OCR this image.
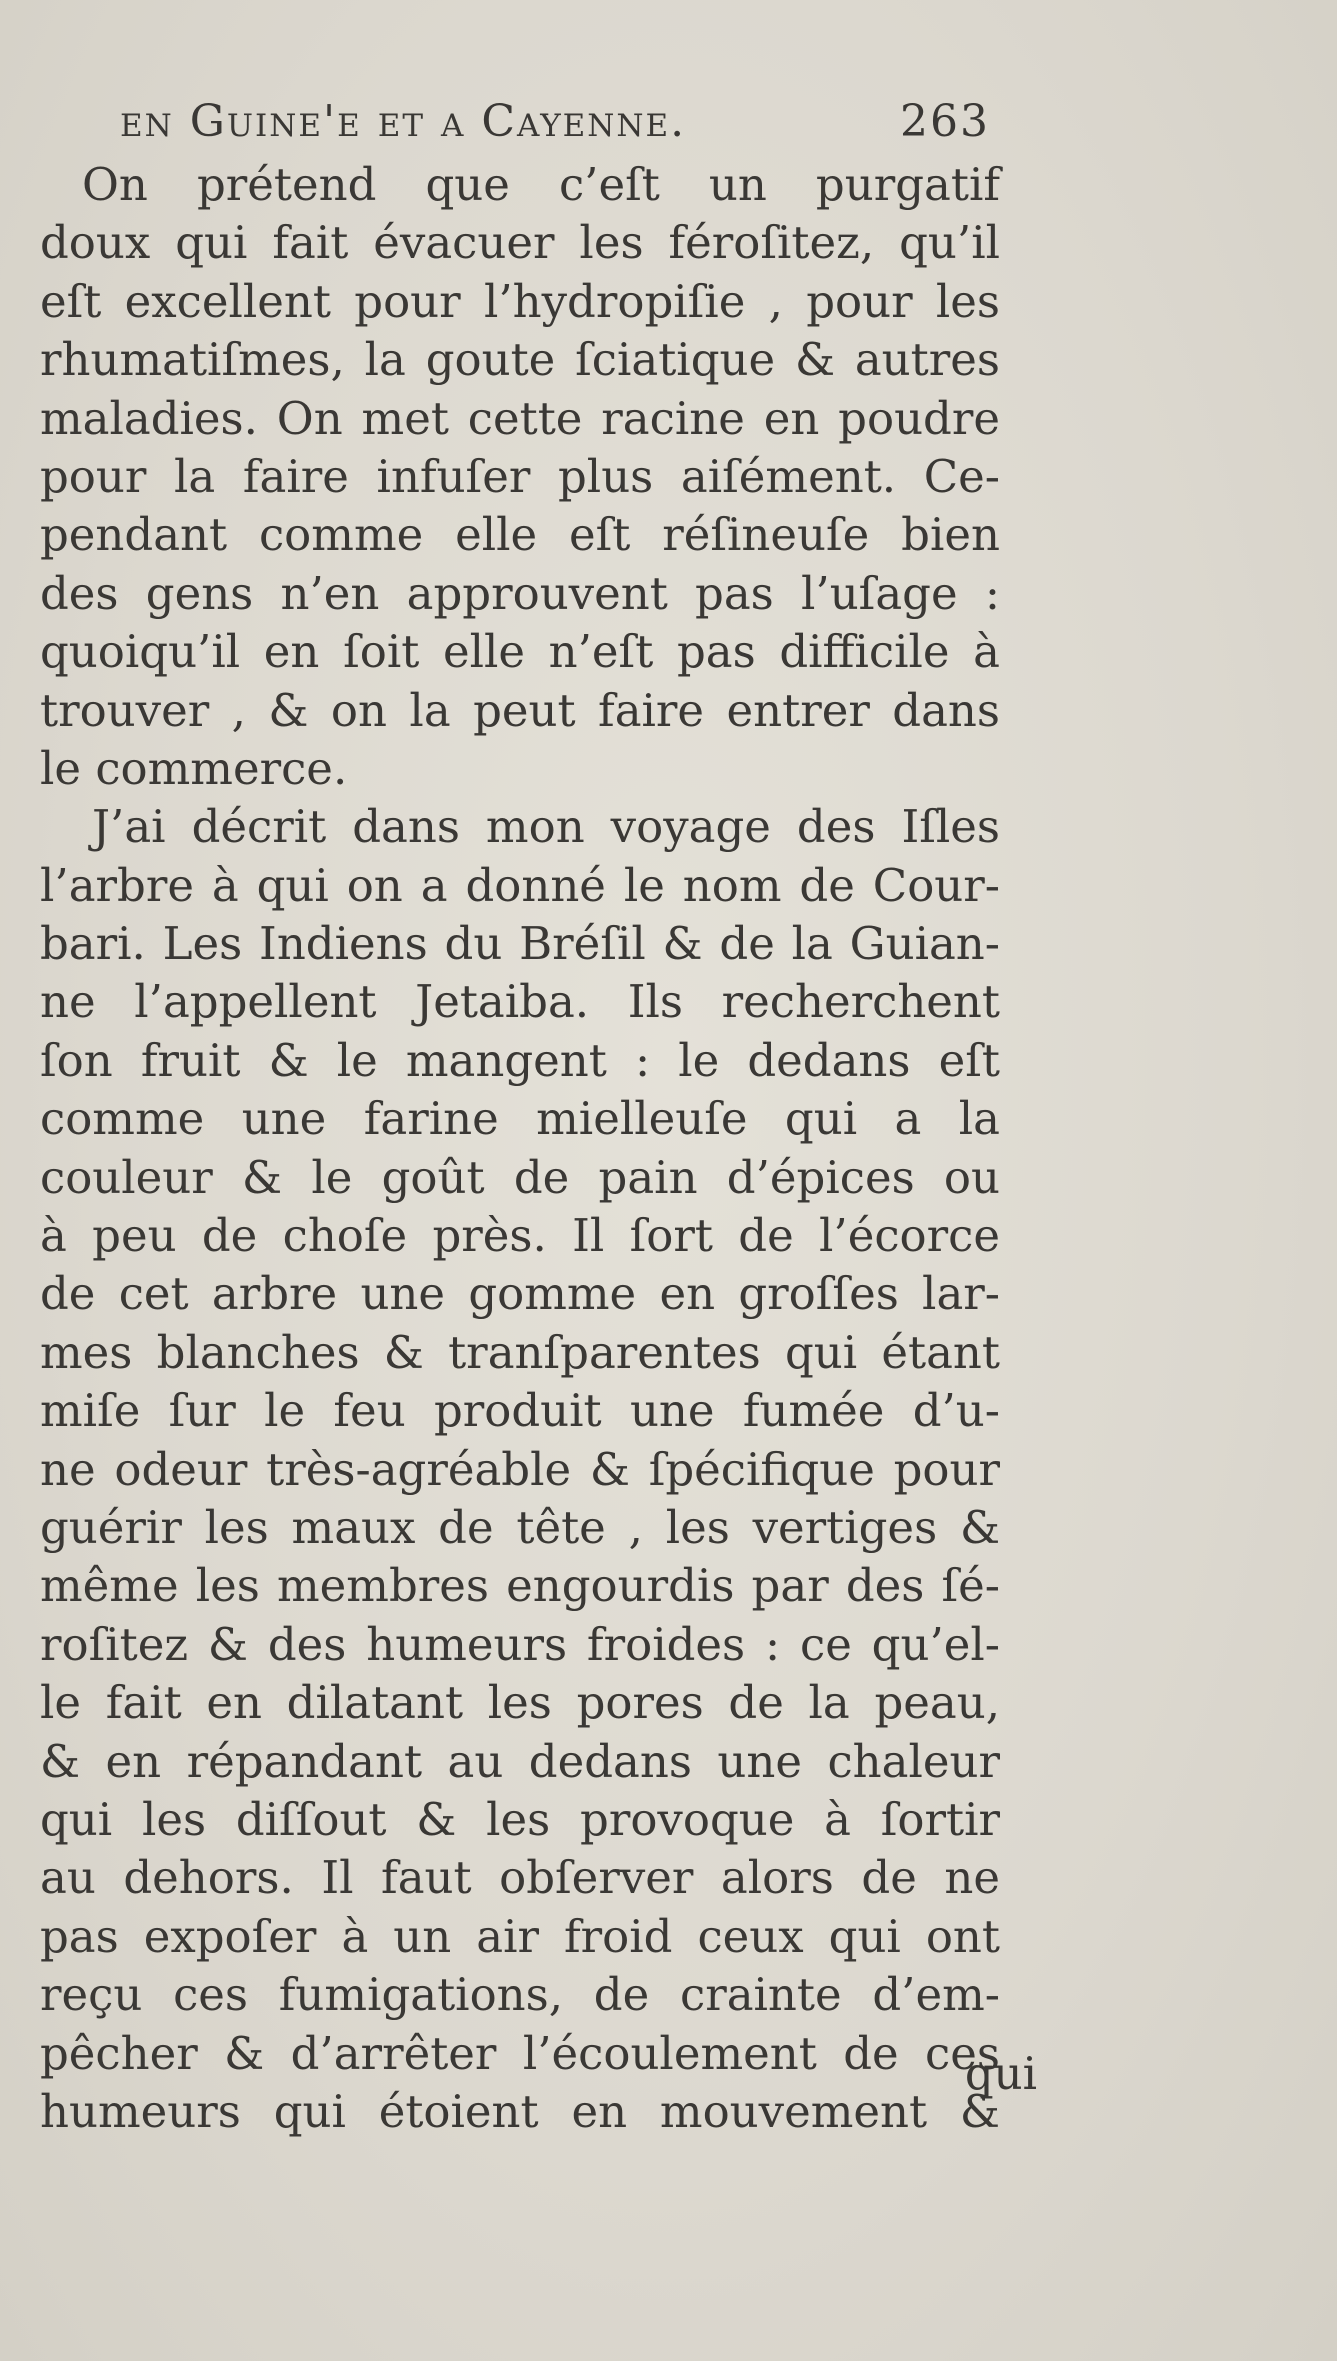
en Guine'e et a Cayenne.	263
On prétend que c’eſt un purgatif
doux qui fait évacuer les féroſitez, qu’il
eſt excellent pour l’hydropiſie , pour les
rhumatiſmes, la goute ſciatique & autres
maladies. On met cette racine en poudre
pour la faire infuſer plus aiſément. Ce-
pendant comme elle eſt réſineuſe bien
des gens n’en approuvent pas l’uſage :
quoiqu’il en ſoit elle n’eſt pas difficile à
trouver , & on la peut faire entrer dans
le commerce.
J’ai décrit dans mon voyage des Iſles
l’arbre à qui on a donné le nom de Cour-
bari. Les Indiens du Bréſil & de la Guian-
ne l’appellent Jetaiba. Ils recherchent
ſon fruit & le mangent : le dedans eſt
comme une farine mielleuſe qui a la
couleur & le goût de pain d’épices ou
à peu de choſe près. Il ſort de l’écorce
de cet arbre une gomme en groſſes lar-
mes blanches & tranſparentes qui étant
miſe ſur le feu produit une fumée d’u-
ne odeur très-agréable & ſpécifique pour
guérir les maux de tête , les vertiges &
même les membres engourdis par des ſé-
roſitez & des humeurs froides : ce qu’el-
le fait en dilatant les pores de la peau,
& en répandant au dedans une chaleur
qui les diſſout & les provoque à ſortir
au dehors. Il faut obſerver alors de ne
pas expoſer à un air froid ceux qui ont
reçu ces fumigations, de crainte d’em-
pêcher & d’arrêter l’écoulement de ces
humeurs qui étoient en mouvement &
qui
